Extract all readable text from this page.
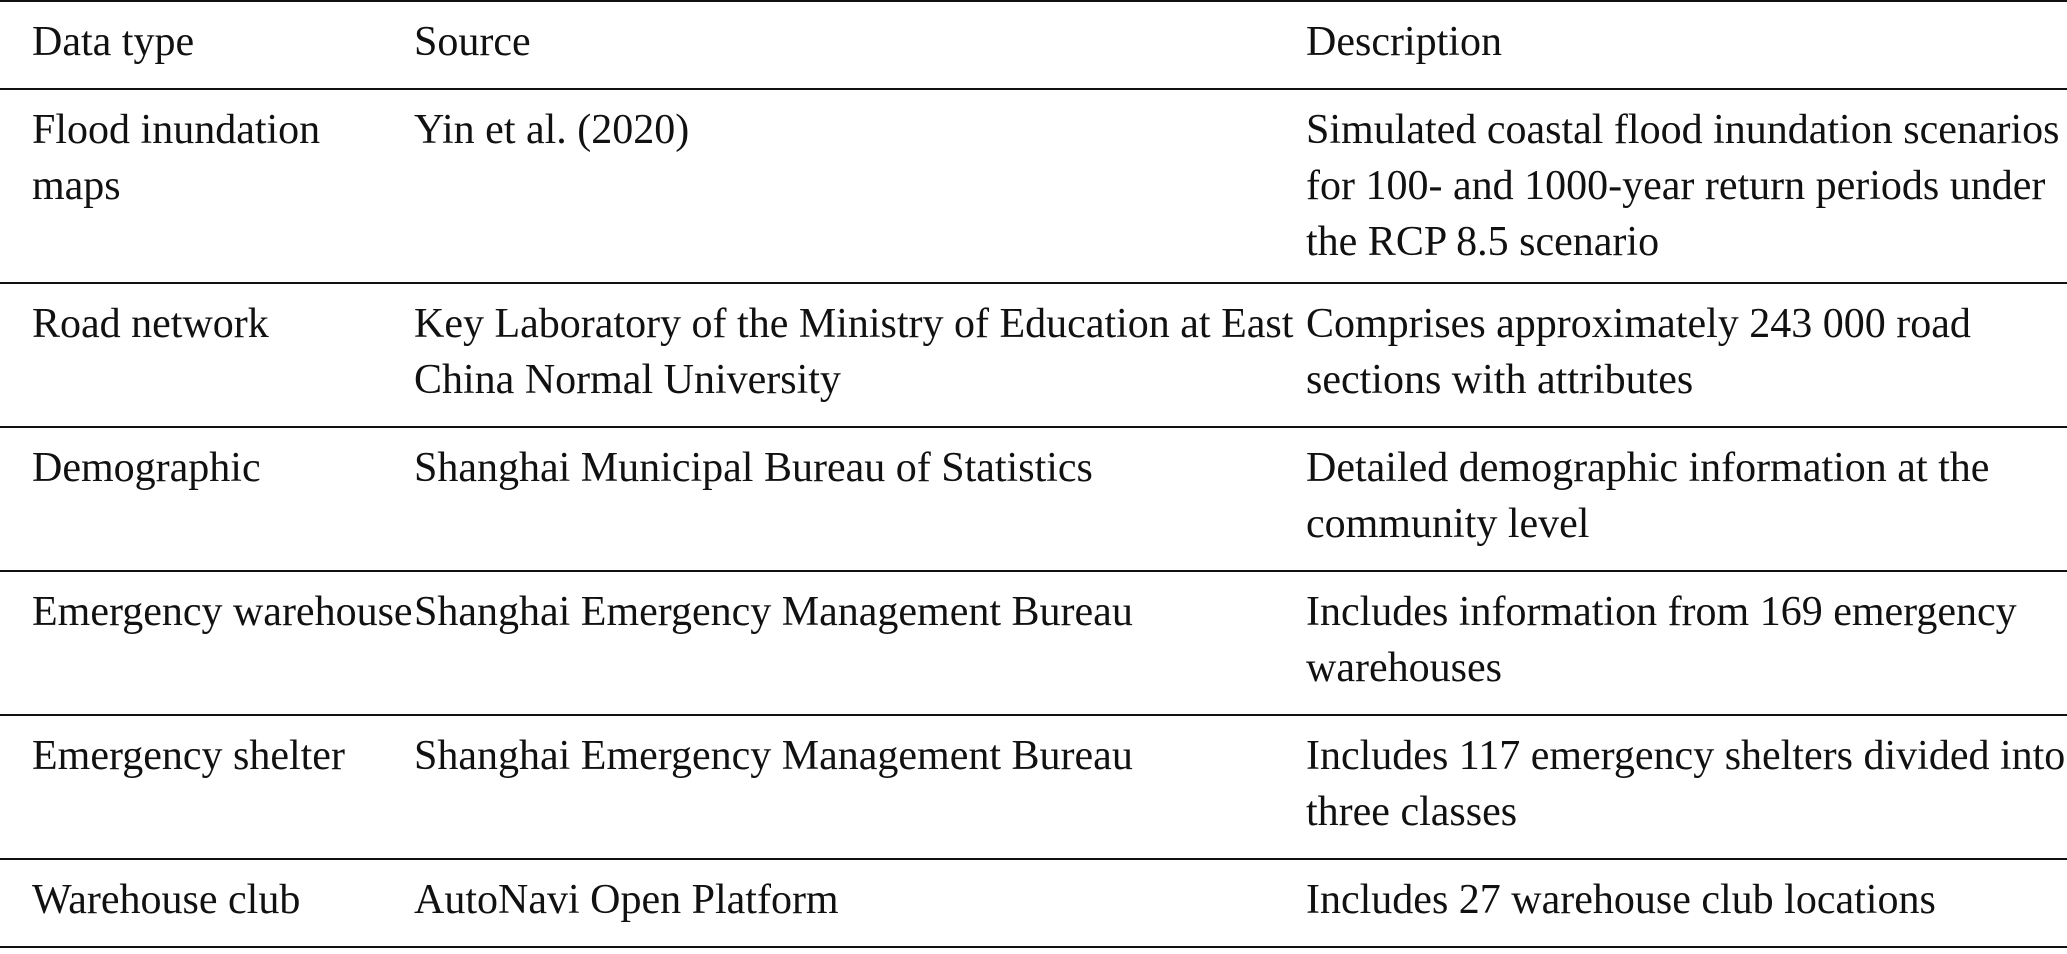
Data type	Source	Description
Flood inundation maps	Yin et al. (2020)	Simulated coastal flood inundation scenarios for 100- and 1000-year return periods under the RCP 8.5 scenario
Road network	Key Laboratory of the Ministry of Education at East China Normal University	Comprises approximately 243 000 road sections with attributes
Demographic	Shanghai Municipal Bureau of Statistics	Detailed demographic information at the community level
Emergency warehouse	Shanghai Emergency Management Bureau	Includes information from 169 emergency warehouses
Emergency shelter	Shanghai Emergency Management Bureau	Includes 117 emergency shelters divided into three classes
Warehouse club	AutoNavi Open Platform	Includes 27 warehouse club locations
